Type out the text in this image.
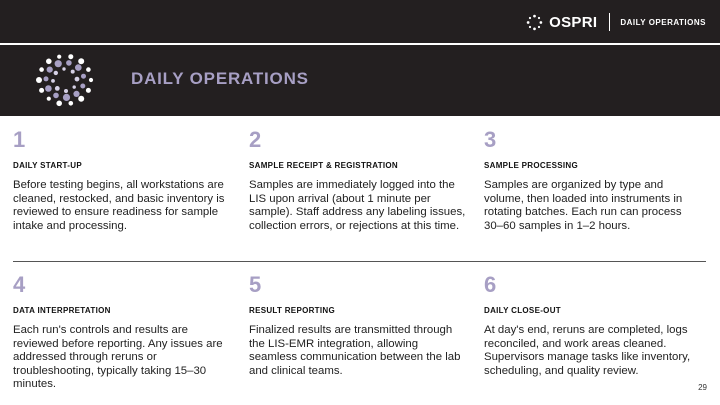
OSPRI	DAILY OPERATIONS
DAILY OPERATIONS
1
DAILY START-UP
Before testing begins, all workstations are cleaned, restocked, and basic inventory is reviewed to ensure readiness for sample intake and processing.
2
SAMPLE RECEIPT & REGISTRATION
Samples are immediately logged into the LIS upon arrival (about 1 minute per sample). Staff address any labeling issues, collection errors, or rejections at this time.
3
SAMPLE PROCESSING
Samples are organized by type and volume, then loaded into instruments in rotating batches. Each run can process 30–60 samples in 1–2 hours.
4
DATA INTERPRETATION
Each run's controls and results are reviewed before reporting. Any issues are addressed through reruns or troubleshooting, typically taking 15–30 minutes.
5
RESULT REPORTING
Finalized results are transmitted through the LIS-EMR integration, allowing seamless communication between the lab and clinical teams.
6
DAILY CLOSE-OUT
At day's end, reruns are completed, logs reconciled, and work areas cleaned. Supervisors manage tasks like inventory, scheduling, and quality review.
29
